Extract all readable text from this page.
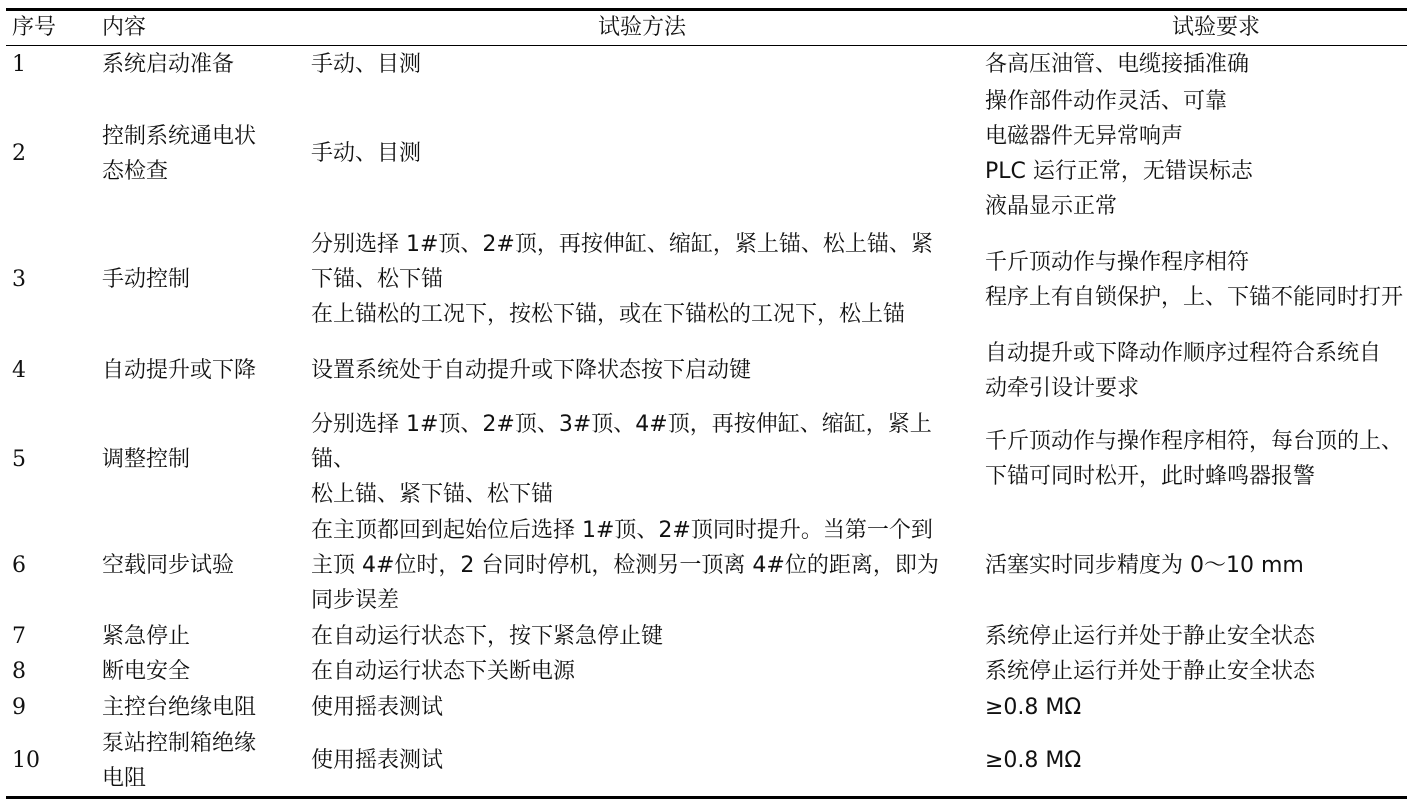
序号	内容	试验方法	试验要求
1	系统启动准备	手动、目测	各高压油管、电缆接插准确
2	控制系统通电状
态检查	手动、目测	操作部件动作灵活、可靠
电磁器件无异常响声
PLC 运行正常，无错误标志
液晶显示正常
3	手动控制	分别选择 1#顶、2#顶，再按伸缸、缩缸，紧上锚、松上锚、紧
下锚、松下锚
在上锚松的工况下，按松下锚，或在下锚松的工况下，松上锚	千斤顶动作与操作程序相符
程序上有自锁保护，上、下锚不能同时打开
4	自动提升或下降	设置系统处于自动提升或下降状态按下启动键	自动提升或下降动作顺序过程符合系统自
动牵引设计要求
5	调整控制	分别选择 1#顶、2#顶、3#顶、4#顶，再按伸缸、缩缸，紧上锚、
松上锚、紧下锚、松下锚	千斤顶动作与操作程序相符，每台顶的上、
下锚可同时松开，此时蜂鸣器报警
6	空载同步试验	在主顶都回到起始位后选择 1#顶、2#顶同时提升。当第一个到
主顶 4#位时，2 台同时停机，检测另一顶离 4#位的距离，即为
同步误差	活塞实时同步精度为 0～10 mm
7	紧急停止	在自动运行状态下，按下紧急停止键	系统停止运行并处于静止安全状态
8	断电安全	在自动运行状态下关断电源	系统停止运行并处于静止安全状态
9	主控台绝缘电阻	使用摇表测试	≥0.8 MΩ
10	泵站控制箱绝缘
电阻	使用摇表测试	≥0.8 MΩ
